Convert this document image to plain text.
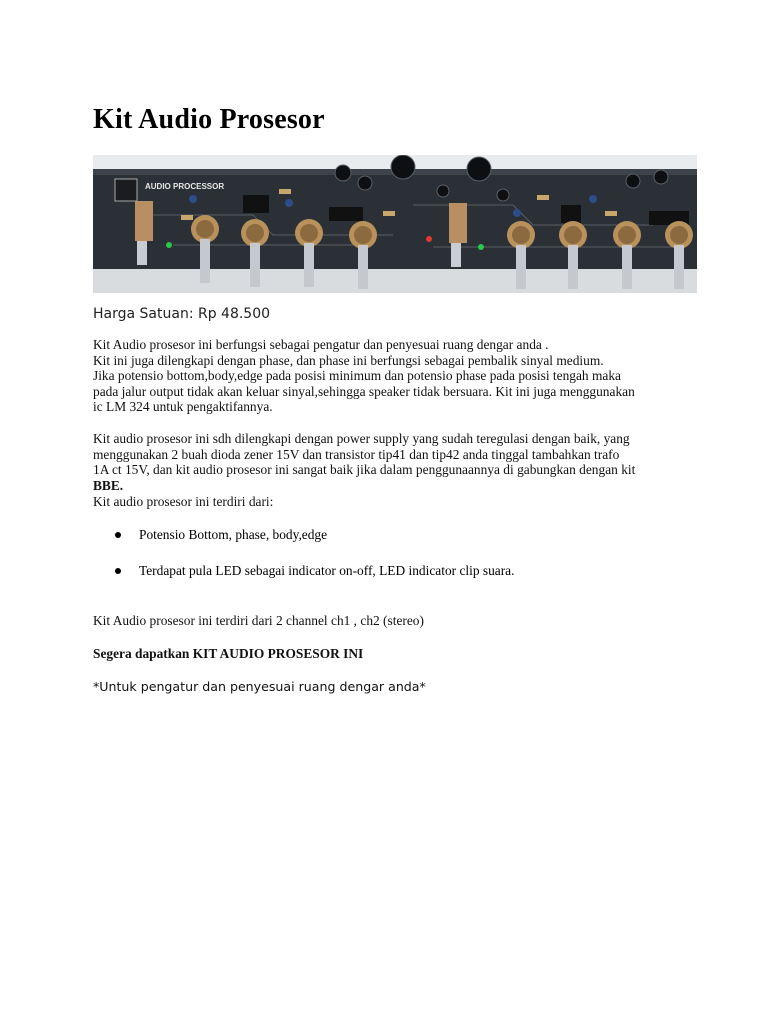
Kit Audio Prosesor
AUDIO PROCESSOR
Harga Satuan: Rp 48.500
Kit Audio prosesor ini berfungsi sebagai pengatur dan penyesuai ruang dengar anda .
Kit ini juga dilengkapi dengan phase, dan phase ini berfungsi sebagai pembalik sinyal medium.
Jika potensio bottom,body,edge pada posisi minimum dan potensio phase pada posisi tengah maka
pada jalur output tidak akan keluar sinyal,sehingga speaker tidak bersuara. Kit ini juga menggunakan
ic LM 324 untuk pengaktifannya.
Kit audio prosesor ini sdh dilengkapi dengan power supply yang sudah teregulasi dengan baik, yang
menggunakan 2 buah dioda zener 15V dan transistor tip41 dan tip42 anda tinggal tambahkan trafo
1A ct 15V, dan kit audio prosesor ini sangat baik jika dalam penggunaannya di gabungkan dengan kit
BBE.
Kit audio prosesor ini terdiri dari:
Potensio Bottom, phase, body,edge
Terdapat pula LED sebagai indicator on-off, LED indicator clip suara.
Kit Audio prosesor ini terdiri dari 2 channel ch1 , ch2 (stereo)
Segera dapatkan KIT AUDIO PROSESOR INI
*Untuk pengatur dan penyesuai ruang dengar anda*
